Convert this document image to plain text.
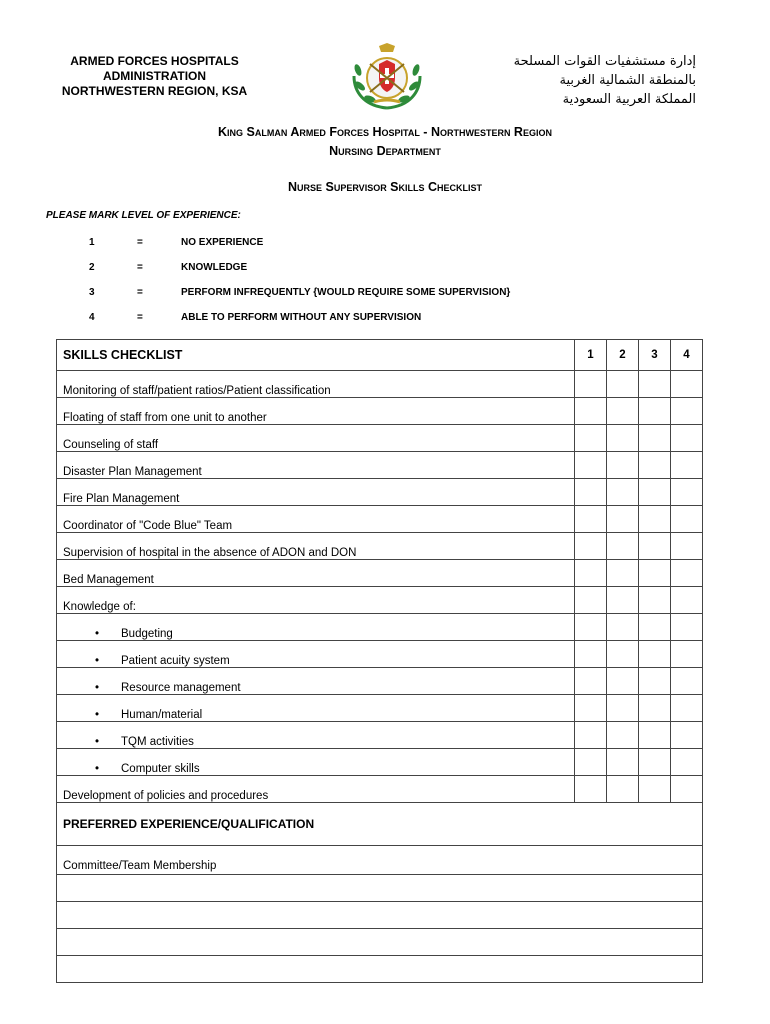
ARMED FORCES HOSPITALS
ADMINISTRATION
NORTHWESTERN REGION, KSA
إدارة مستشفيات القوات المسلحة
بالمنطقة الشمالية الغربية
المملكة العربية السعودية
King Salman Armed Forces Hospital - Northwestern Region
Nursing Department
Nurse Supervisor Skills Checklist
PLEASE MARK LEVEL OF EXPERIENCE:
1	=	NO EXPERIENCE
2	=	KNOWLEDGE
3	=	PERFORM INFREQUENTLY {WOULD REQUIRE SOME SUPERVISION}
4	=	ABLE TO PERFORM WITHOUT ANY SUPERVISION
SKILLS CHECKLIST	1	2	3	4
Monitoring of staff/patient ratios/Patient classification				
Floating of staff from one unit to another				
Counseling of staff				
Disaster Plan Management				
Fire Plan Management				
Coordinator of "Code Blue" Team				
Supervision of hospital in the absence of ADON and DON				
Bed Management				
Knowledge of:				
• Budgeting				
• Patient acuity system				
• Resource management				
• Human/material				
• TQM activities				
• Computer skills				
Development of policies and procedures				
PREFERRED EXPERIENCE/QUALIFICATION				
Committee/Team Membership				
